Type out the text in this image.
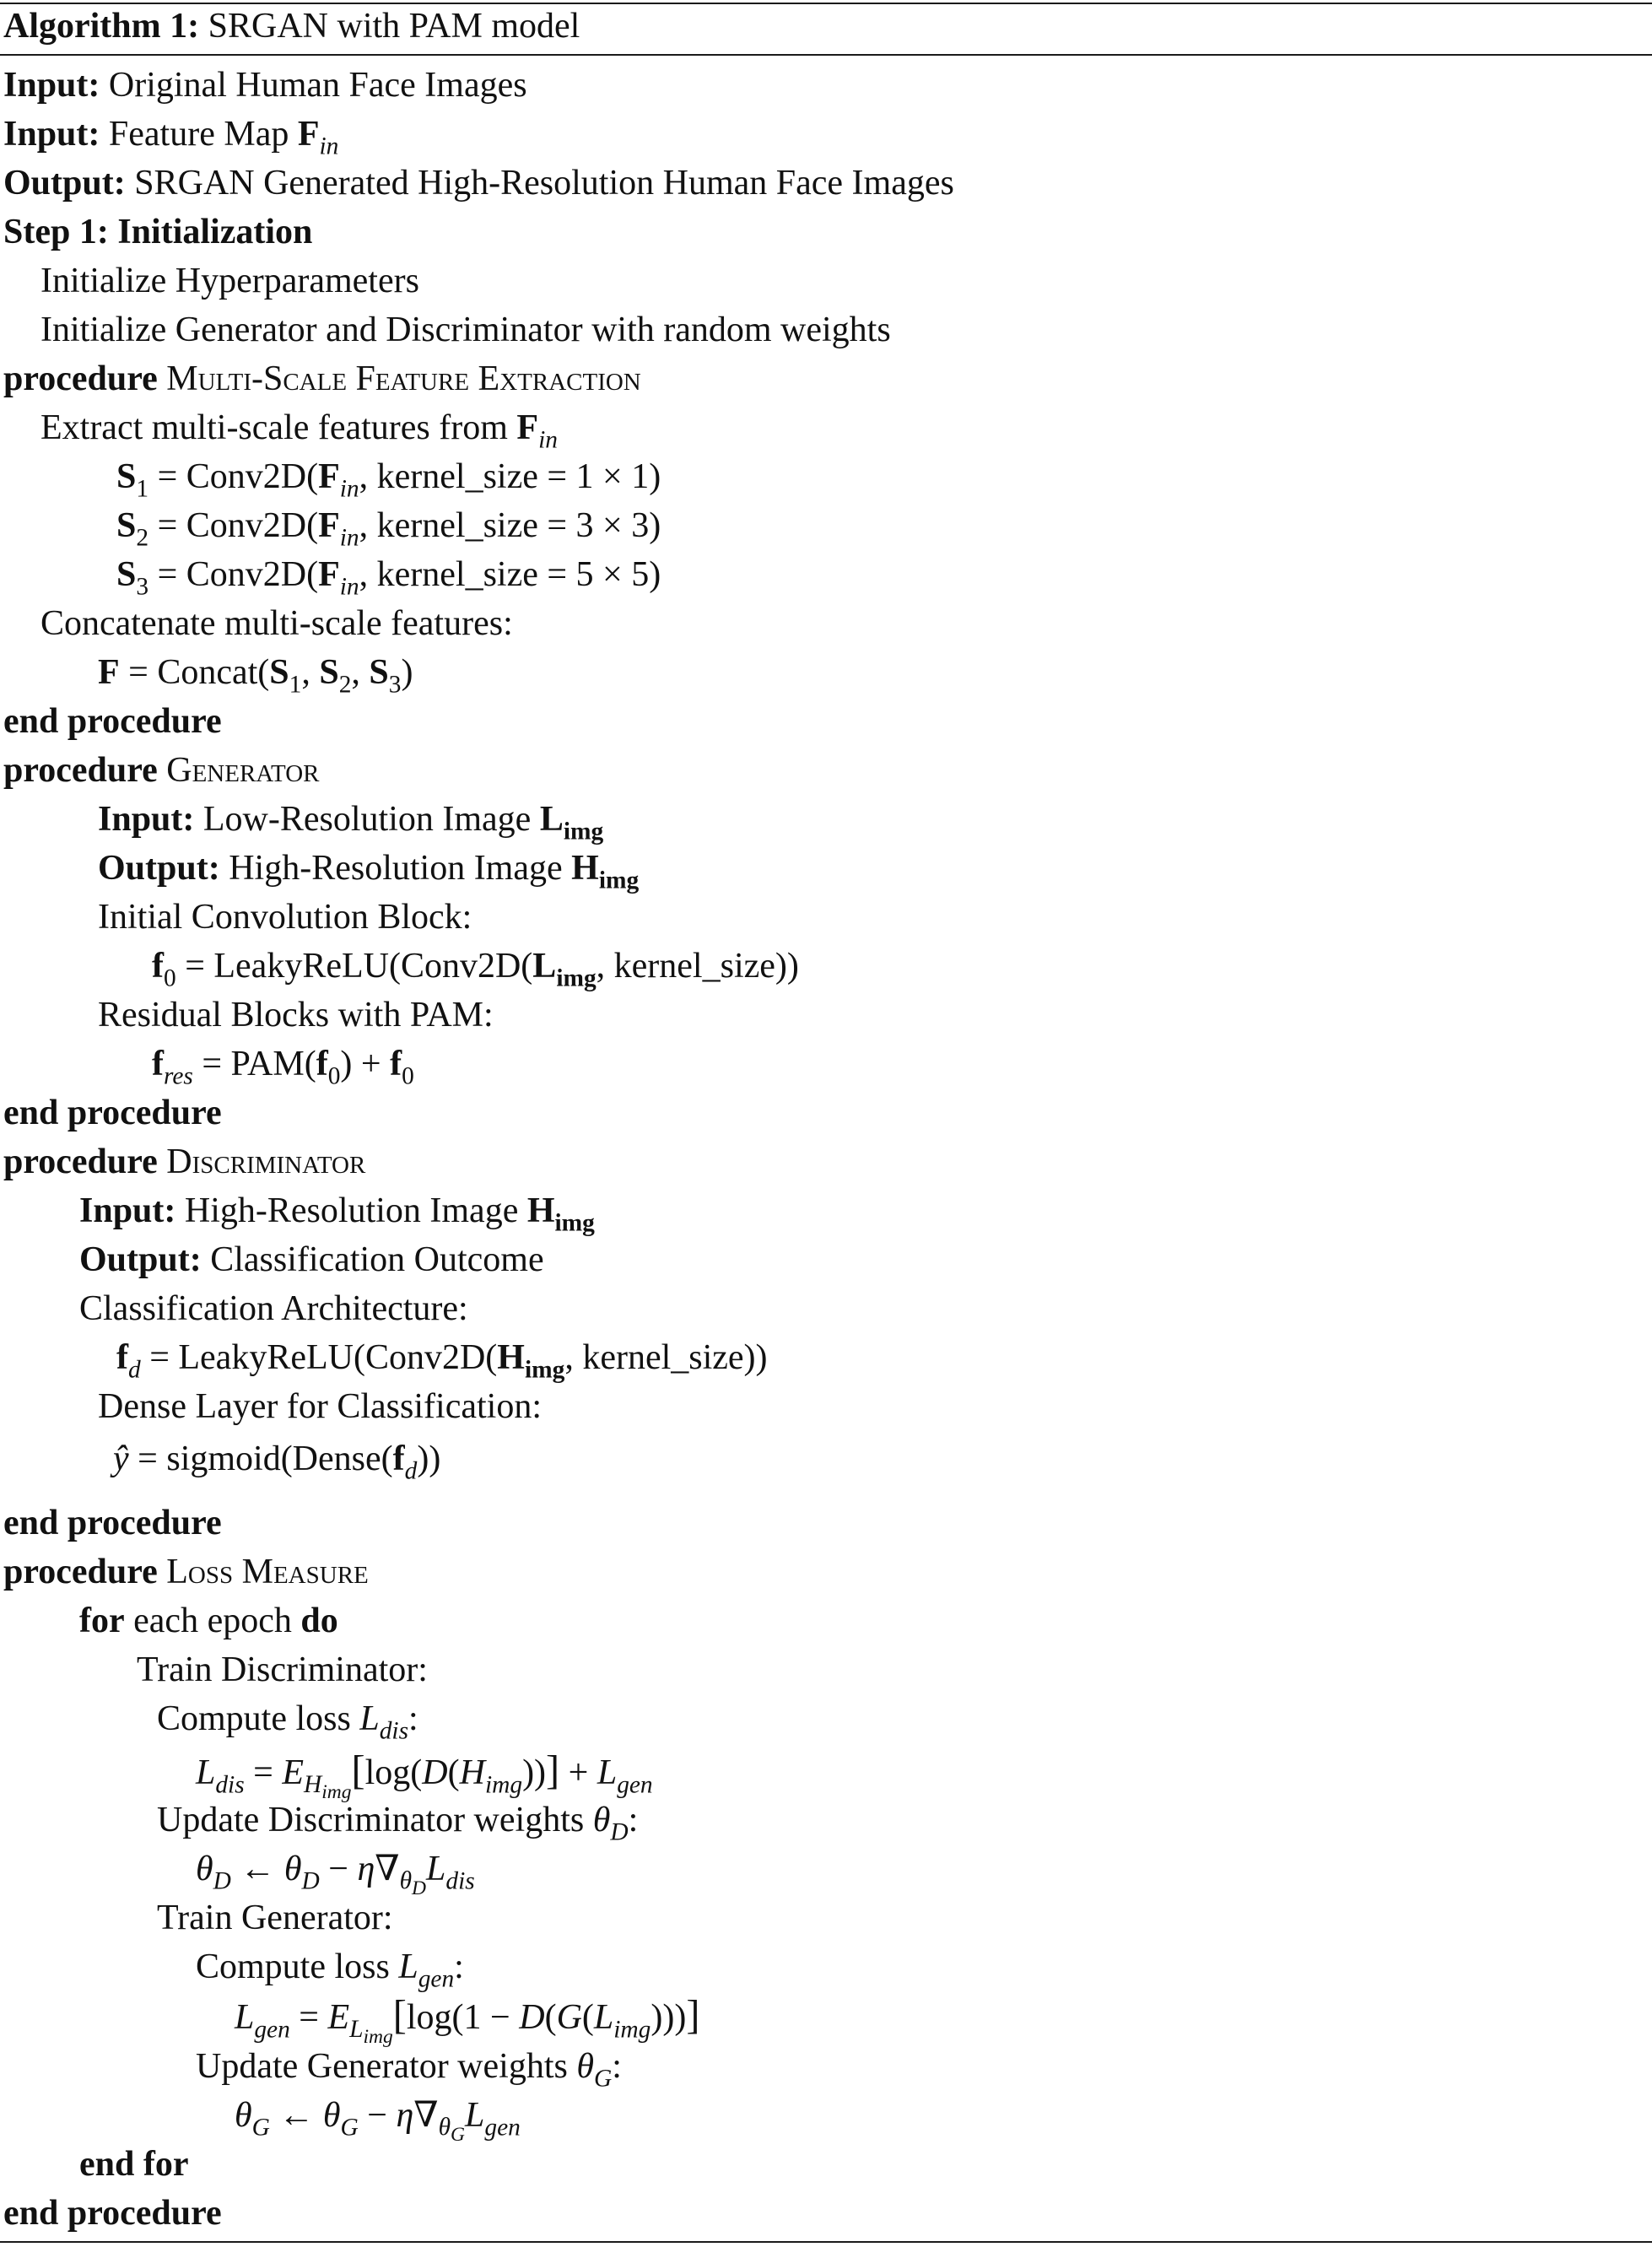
Algorithm 1: SRGAN with PAM model
Input: Original Human Face Images
Input: Feature Map $F_{in}$
Output: SRGAN Generated High-Resolution Human Face Images
Step 1: Initialization
Initialize Hyperparameters
Initialize Generator and Discriminator with random weights
procedure Multi-Scale Feature Extraction
Extract multi-scale features from $F_{in}$
$S_1$ = $Conv2D(F_{in}$, kernel_size = 1 × 1)
$S_2$ = $Conv2D(F_{in}$, kernel_size = 3 × 3)
$S_3$ = $Conv2D(F_{in}$, kernel_size = 5 × 5)
Concatenate multi-scale features:
$F = Concat(S_1$, $S_2$, $S_3$)
end procedure
procedure Generator
Input: Low-Resolution Image $L_{img}$
Output: High-Resolution Image $H_{img}$
Initial Convolution Block:
$f_0$ = $LeakyReLU(Conv2D(L_{img}$, kernel_size))
Residual Blocks with PAM:
$f_{res} = PAM(f_0) + f_0$
end procedure
procedure Discriminator
Input: High-Resolution Image $H_{img}$
Output: Classification Outcome
Classification Architecture:
$f_d$ = $LeakyReLU(Conv2D(H_{img}$, kernel_size))
Dense Layer for Classification:
ŷ = $sigmoid(Dense(f_d))$
end procedure
procedure Loss Measure
for each epoch do
Train Discriminator:
Compute loss $L_{dis}$:
$L_{dis} = E_{H_{img}}[\log(D(H_{img}))] + L_{gen}$
Update Discriminator weights $\theta_D$:
$\theta_D$ ← $\theta_D - \eta\nabla_{\theta_D}L_{dis}$
Train Generator:
Compute loss $L_{gen}$:
$L_{gen} = E_{L_{img}}[\log(1 - D(G(L_{img})))]$
Update Generator weights $\theta_G$:
$\theta_G$ ← $\theta_G - \eta\nabla_{\theta_G}L_{gen}$
end for
end procedure
